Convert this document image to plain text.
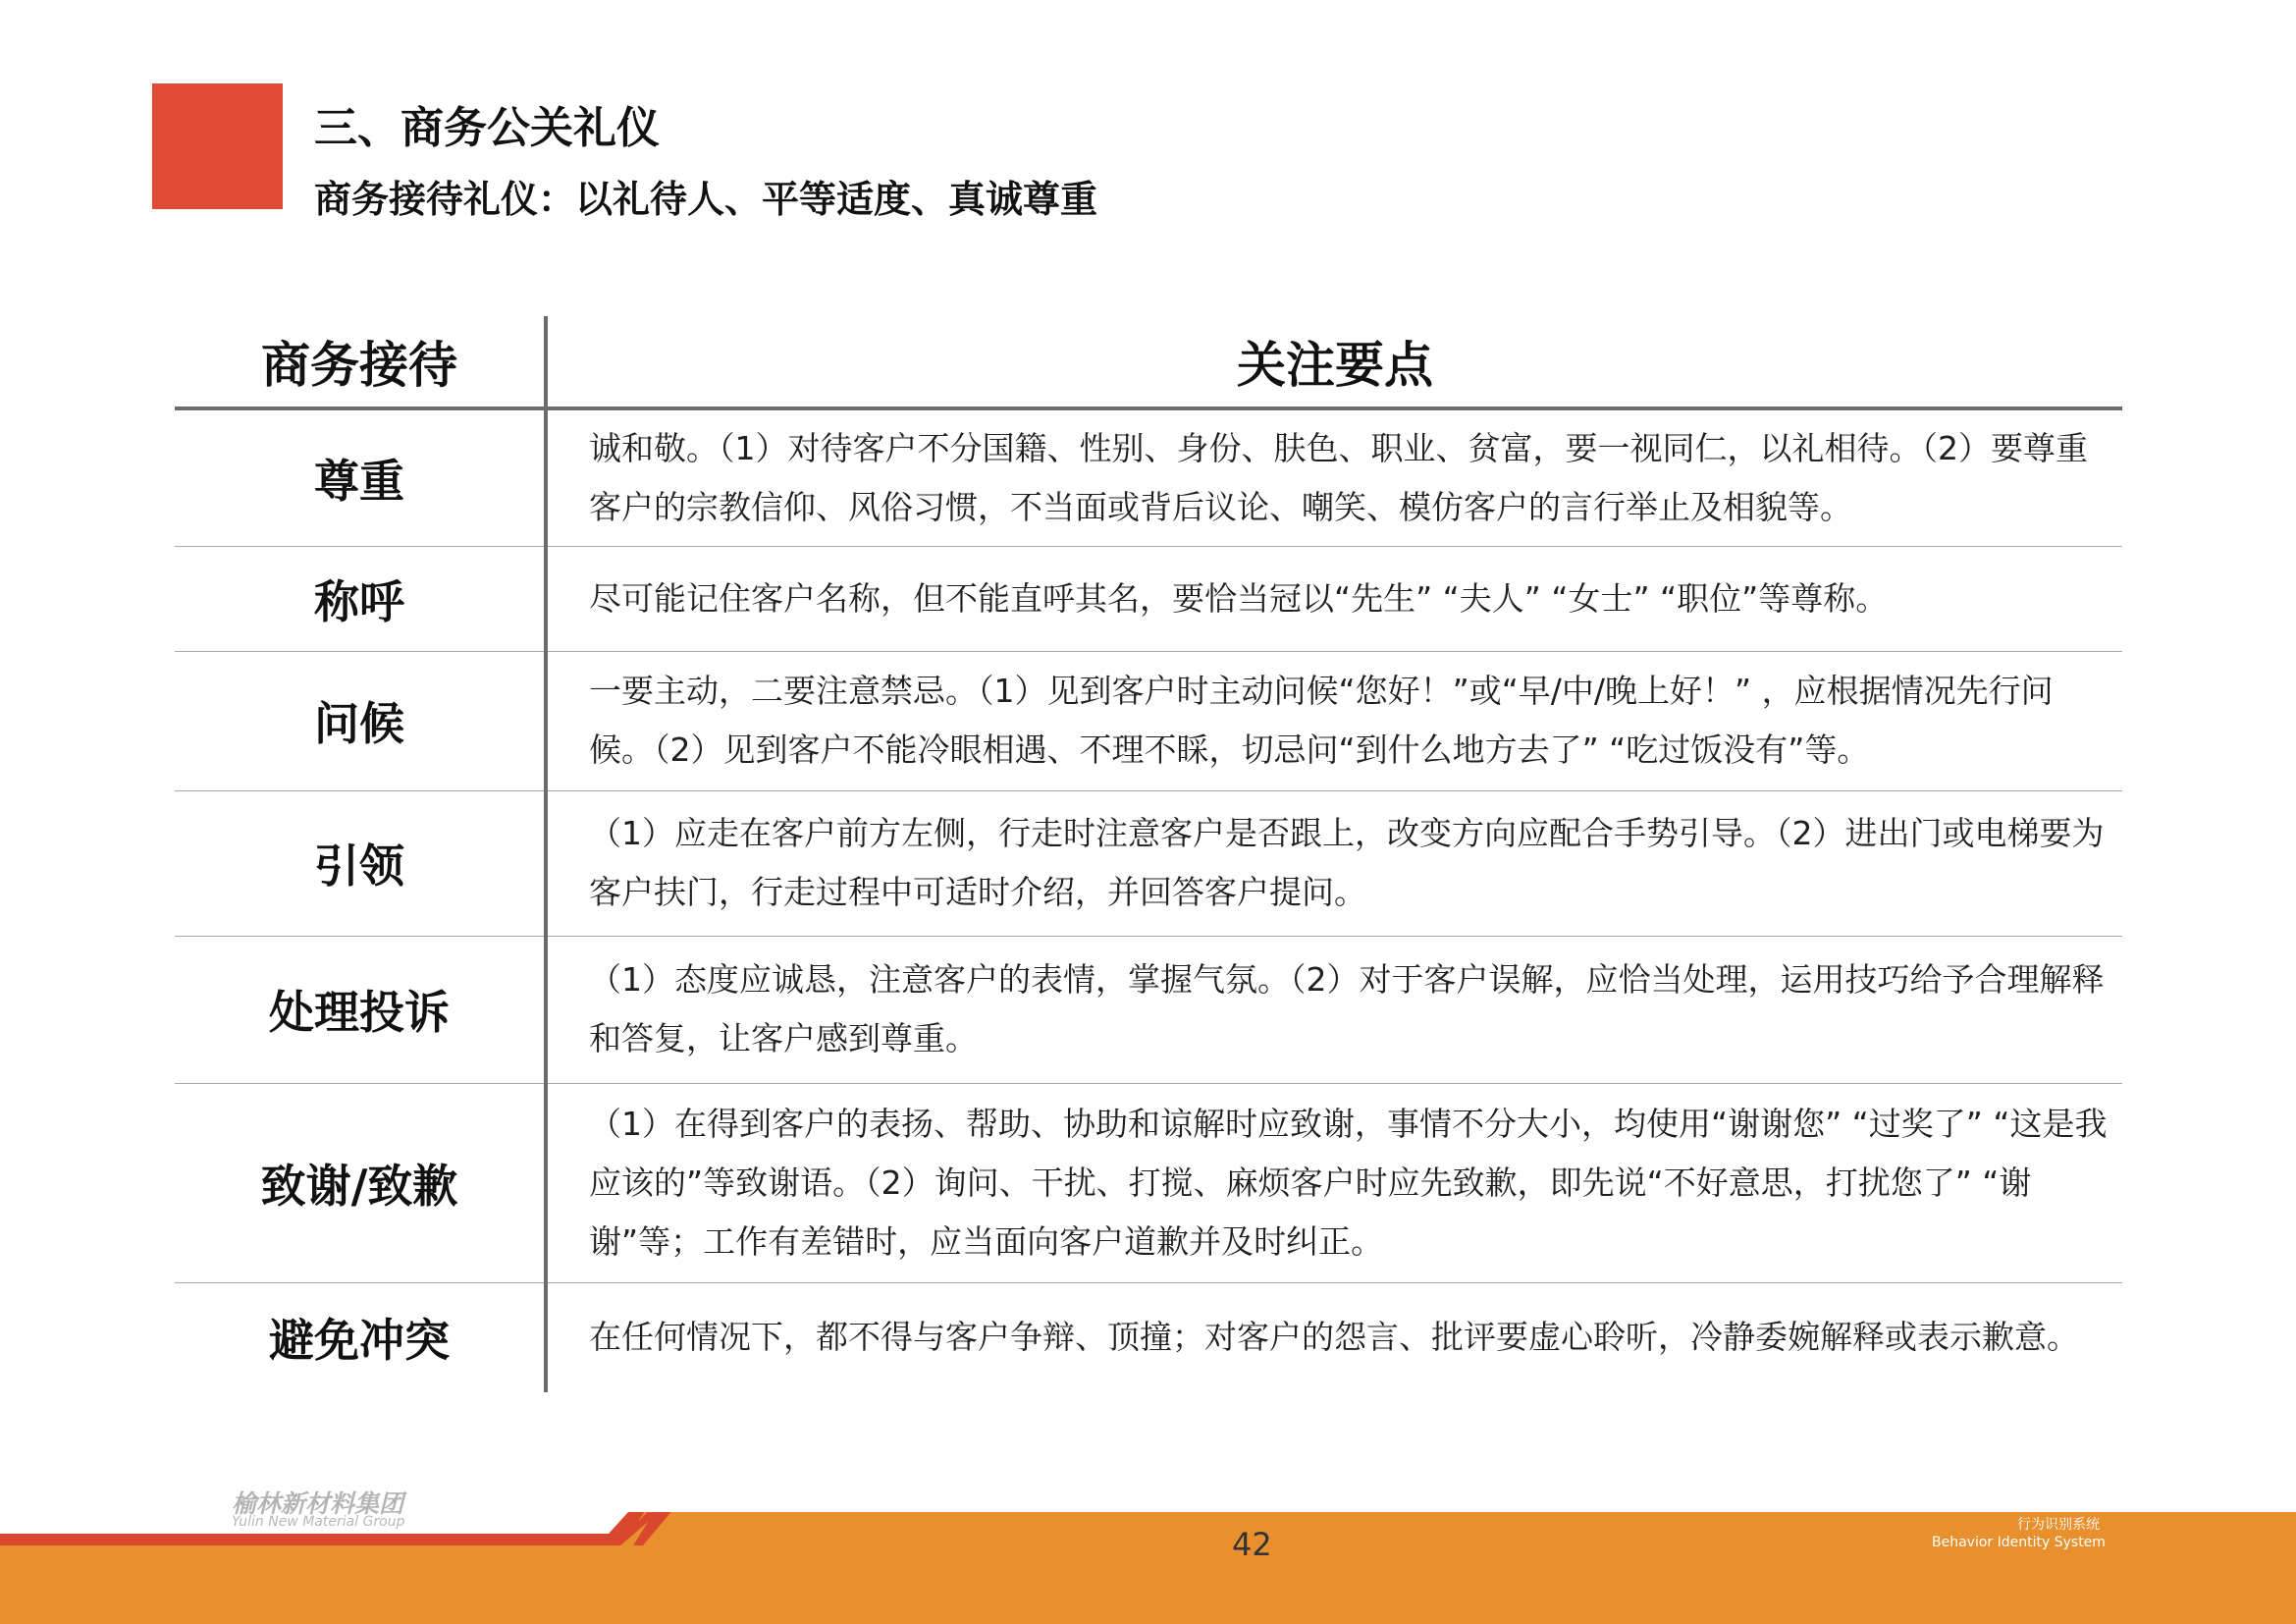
三、商务公关礼仪
商务接待礼仪：以礼待人、平等适度、真诚尊重
商务接待	关注要点
尊重	诚和敬。（1）对待客户不分国籍、性别、身份、肤色、职业、贫富，要一视同仁，以礼相待。（2）要尊重客户的宗教信仰、风俗习惯，不当面或背后议论、嘲笑、模仿客户的言行举止及相貌等。
称呼	尽可能记住客户名称，但不能直呼其名，要恰当冠以“先生” “夫人” “女士” “职位”等尊称。
问候	一要主动，二要注意禁忌。（1）见到客户时主动问候“您好！”或“早/中/晚上好！” ，应根据情况先行问候。（2）见到客户不能冷眼相遇、不理不睬，切忌问“到什么地方去了” “吃过饭没有”等。
引领	（1）应走在客户前方左侧，行走时注意客户是否跟上，改变方向应配合手势引导。（2）进出门或电梯要为客户扶门，行走过程中可适时介绍，并回答客户提问。
处理投诉	（1）态度应诚恳，注意客户的表情，掌握气氛。（2）对于客户误解，应恰当处理，运用技巧给予合理解释和答复，让客户感到尊重。
致谢/致歉	（1）在得到客户的表扬、帮助、协助和谅解时应致谢，事情不分大小，均使用“谢谢您” “过奖了” “这是我应该的”等致谢语。（2）询问、干扰、打搅、麻烦客户时应先致歉，即先说“不好意思，打扰您了” “谢谢”等；工作有差错时，应当面向客户道歉并及时纠正。
避免冲突	在任何情况下，都不得与客户争辩、顶撞；对客户的怨言、批评要虚心聆听，冷静委婉解释或表示歉意。
榆林新材料集团
Yulin New Material Group
42
行为识别系统
Behavior Identity System
